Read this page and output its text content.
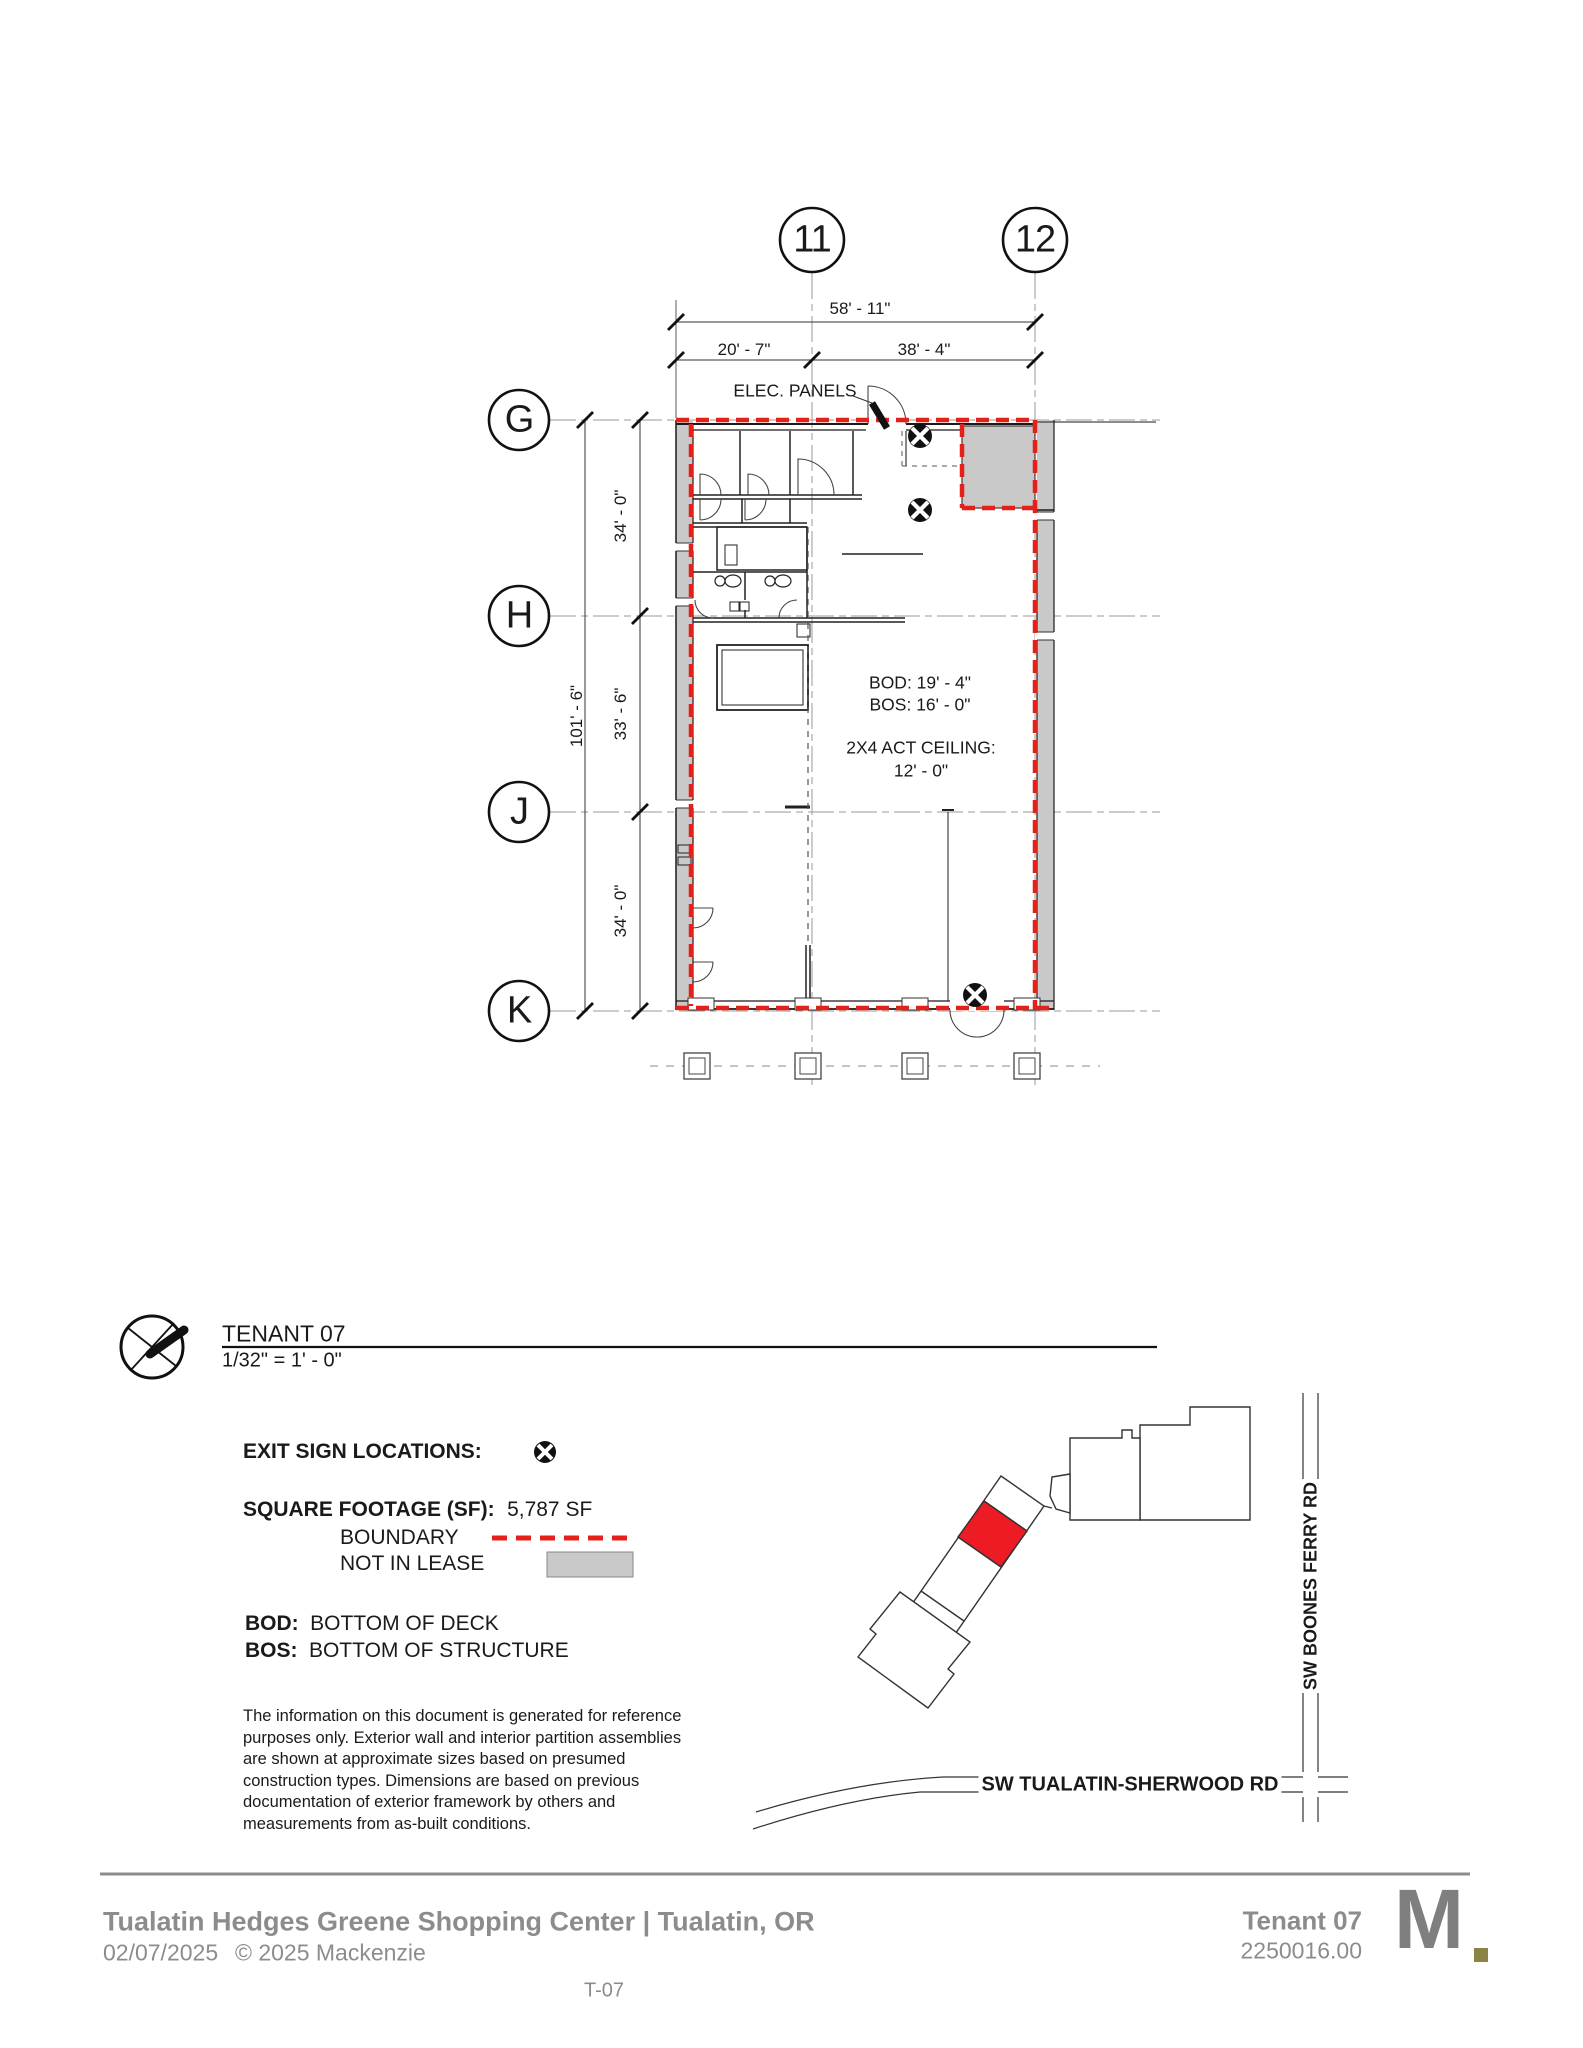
11	12
G
H
J
K
58' - 11"
20' - 7"	38' - 4"
101' - 6"
34' - 0"
33' - 6"
34' - 0"
ELEC. PANELS
BOD: 19' - 4"
BOS: 16' - 0"
2X4 ACT CEILING:
12' - 0"
TENANT 07
1/32" = 1' - 0"
EXIT SIGN LOCATIONS:
SQUARE FOOTAGE (SF): 5,787 SF
BOUNDARY
NOT IN LEASE
BOD: BOTTOM OF DECK
BOS: BOTTOM OF STRUCTURE
The information on this document is generated for reference purposes only. Exterior wall and interior partition assemblies are shown at approximate sizes based on presumed construction types. Dimensions are based on previous documentation of exterior framework by others and measurements from as-built conditions.
SW BOONES FERRY RD
SW TUALATIN-SHERWOOD RD
Tualatin Hedges Greene Shopping Center | Tualatin, OR
02/07/2025 © 2025 Mackenzie
Tenant 07
2250016.00 M
T-07
